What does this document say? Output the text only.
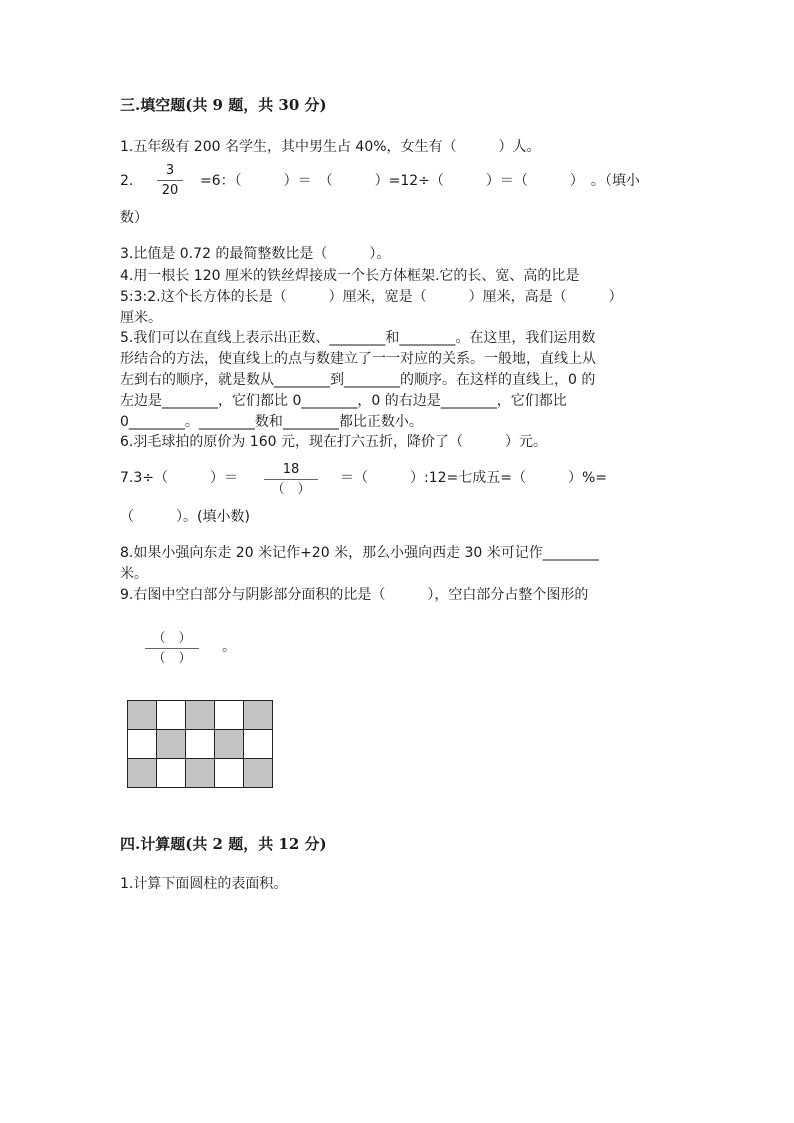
三.填空题(共 9 题，共 30 分)
1.五年级有 200 名学生，其中男生占 40%，女生有（　　　）人。
2.
3
20
=6：（　　　）＝　（　　　）=12÷（　　　）＝（　　　）　。（填小
数）
3.比值是 0.72 的最简整数比是（　　　）。
4.用一根长 120 厘米的铁丝焊接成一个长方体框架.它的长、宽、高的比是
5:3:2.这个长方体的长是（　　　）厘米，宽是（　　　）厘米，高是（　　　）
厘米。
5.我们可以在直线上表示出正数、________和________。在这里，我们运用数
形结合的方法，使直线上的点与数建立了一一对应的关系。一般地，直线上从
左到右的顺序，就是数从________到________的顺序。在这样的直线上，0 的
左边是________，它们都比 0________，0 的右边是________，它们都比
0________。________数和________都比正数小。
6.羽毛球拍的原价为 160 元，现在打六五折，降价了（　　　）元。
7.3÷（　　　）＝
18
（　）
＝（　　　）:12=七成五=（　　　）%=
（　　　）。(填小数)
8.如果小强向东走 20 米记作+20 米，那么小强向西走 30 米可记作________
米。
9.右图中空白部分与阴影部分面积的比是（　　　），空白部分占整个图形的
（　）
（　）
。

四.计算题(共 2 题，共 12 分)
1.计算下面圆柱的表面积。
